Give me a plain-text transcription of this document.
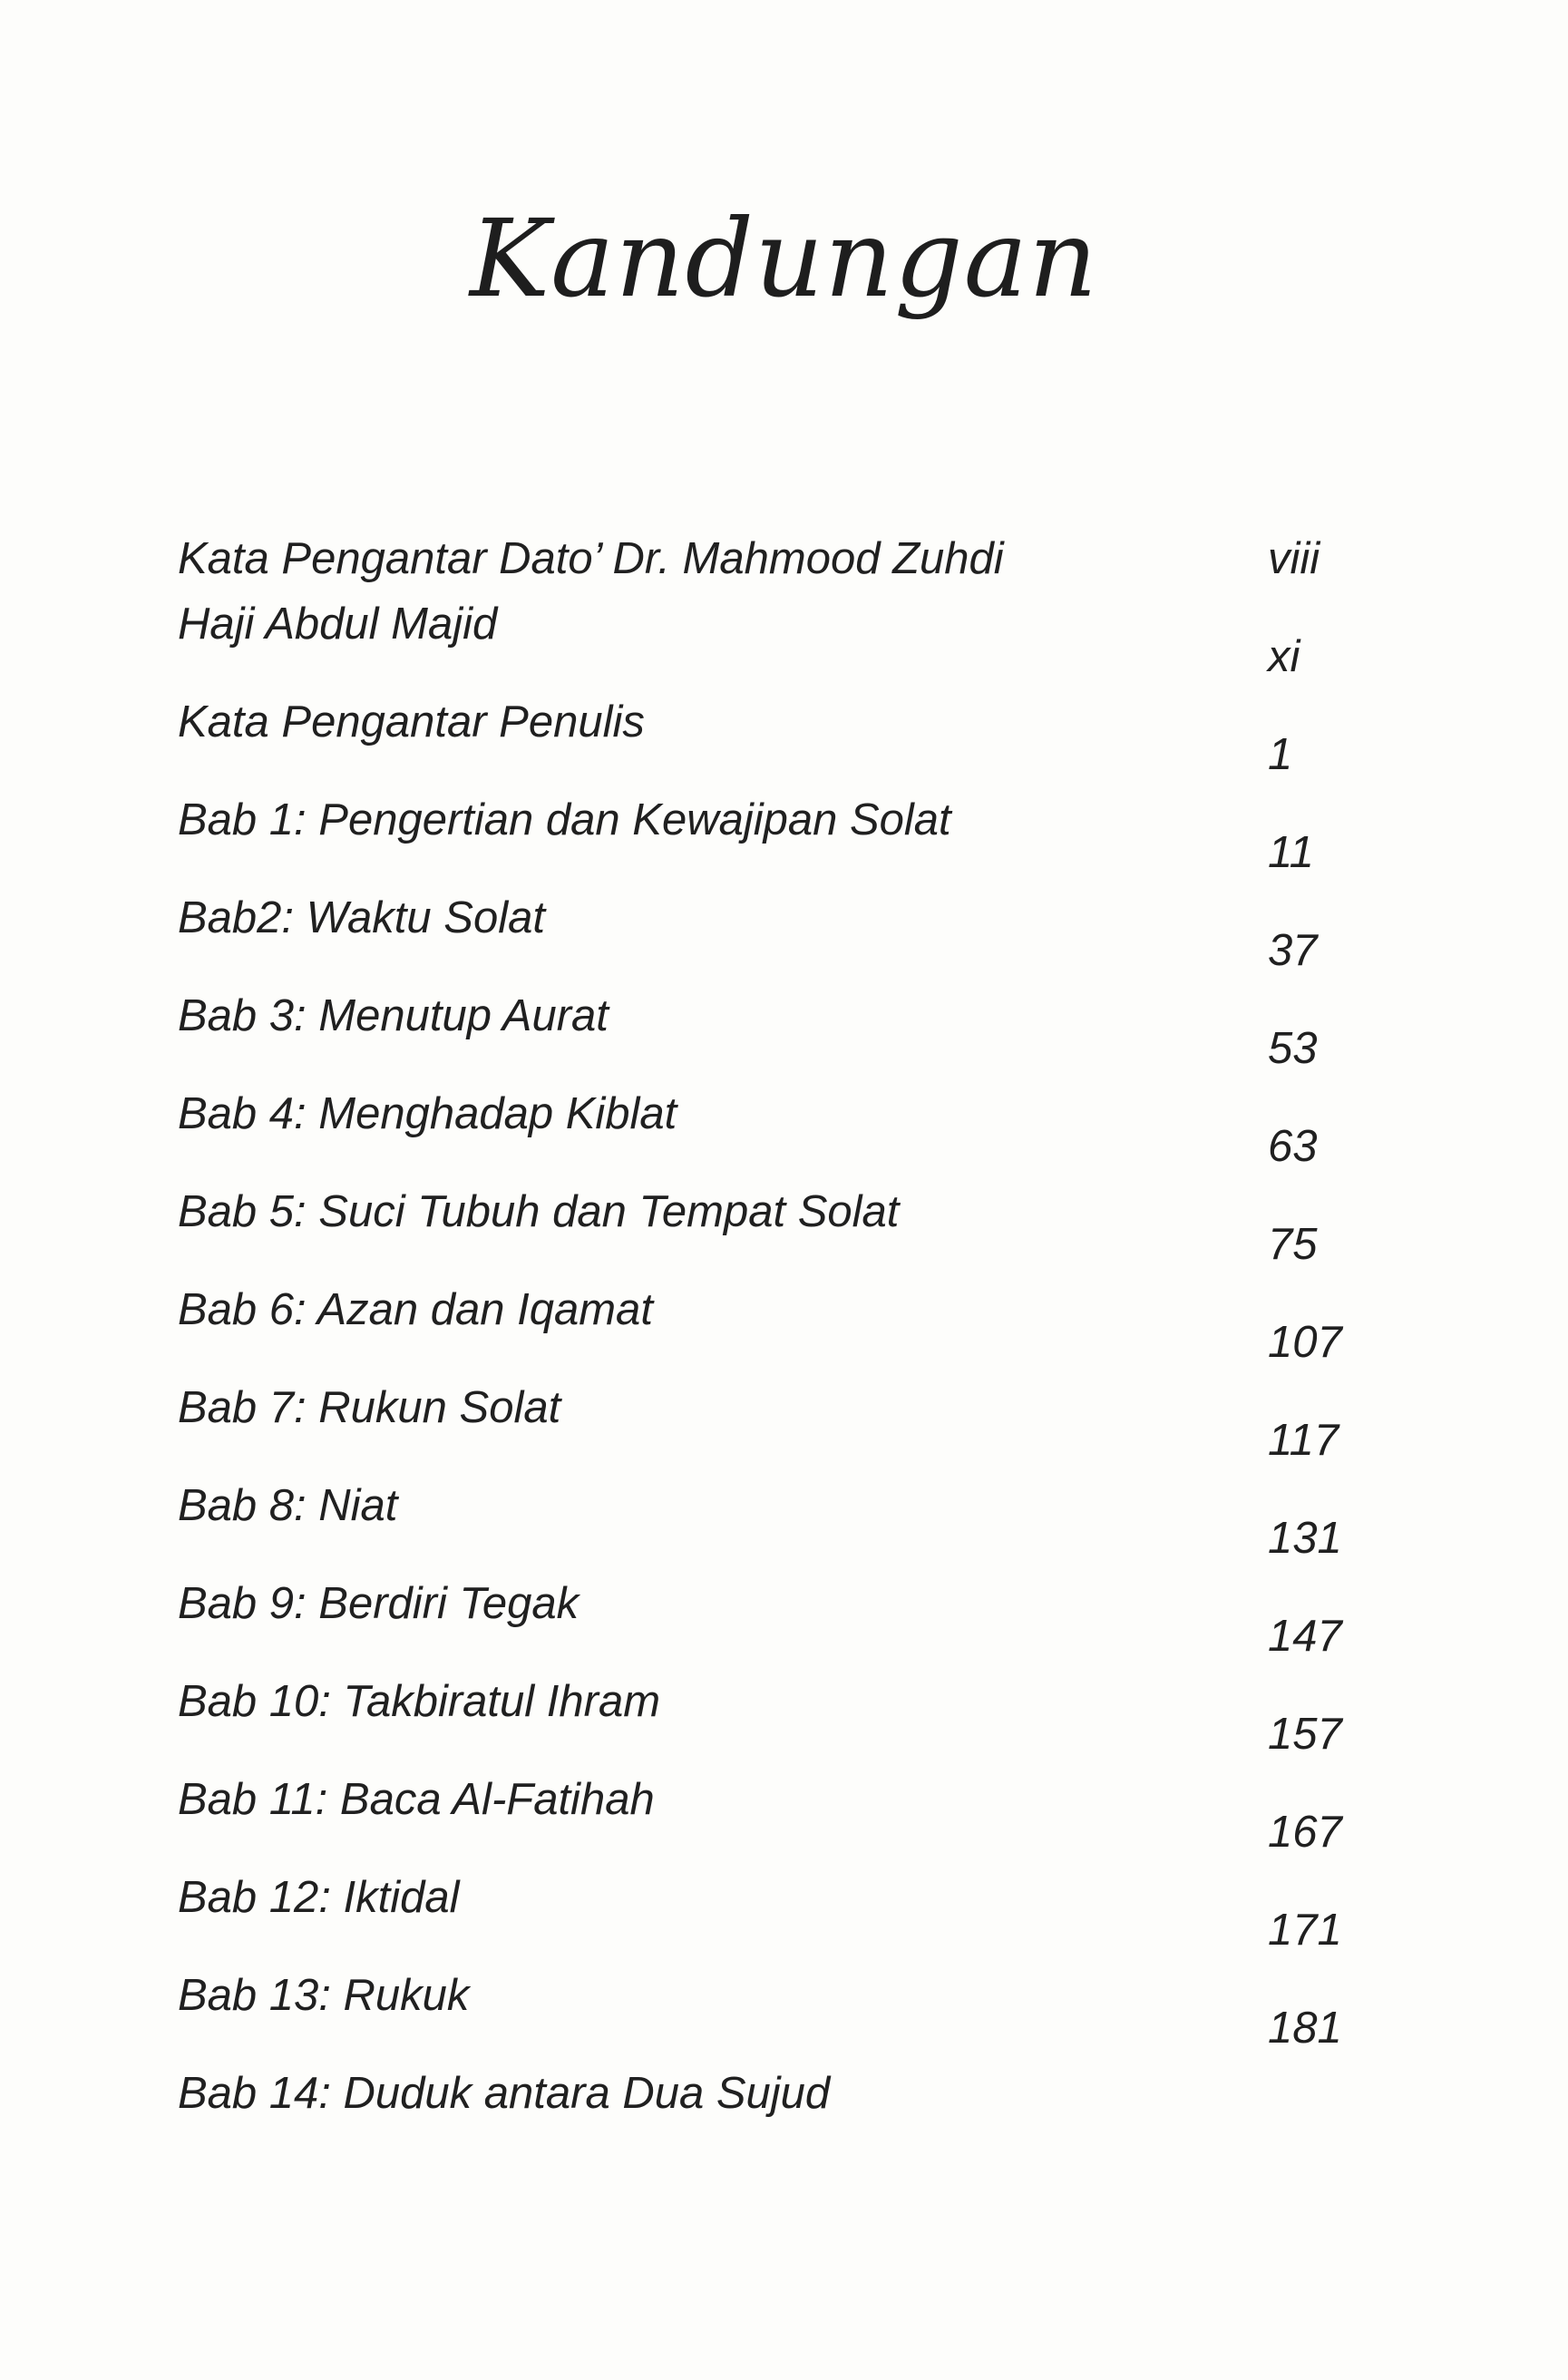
Kandungan
Kata Pengantar Dato’ Dr. Mahmood Zuhdi
Haji Abdul Majid
viii
Kata Pengantar Penulis
xi
Bab 1: Pengertian dan Kewajipan Solat
1
Bab2: Waktu Solat
11
Bab 3: Menutup Aurat
37
Bab 4: Menghadap Kiblat
53
Bab 5: Suci Tubuh dan Tempat Solat
63
Bab 6: Azan dan Iqamat
75
Bab 7: Rukun Solat
107
Bab 8: Niat
117
Bab 9: Berdiri Tegak
131
Bab 10: Takbiratul Ihram
147
Bab 11: Baca Al-Fatihah
157
Bab 12: Iktidal
167
Bab 13: Rukuk
171
Bab 14: Duduk antara Dua Sujud
181
